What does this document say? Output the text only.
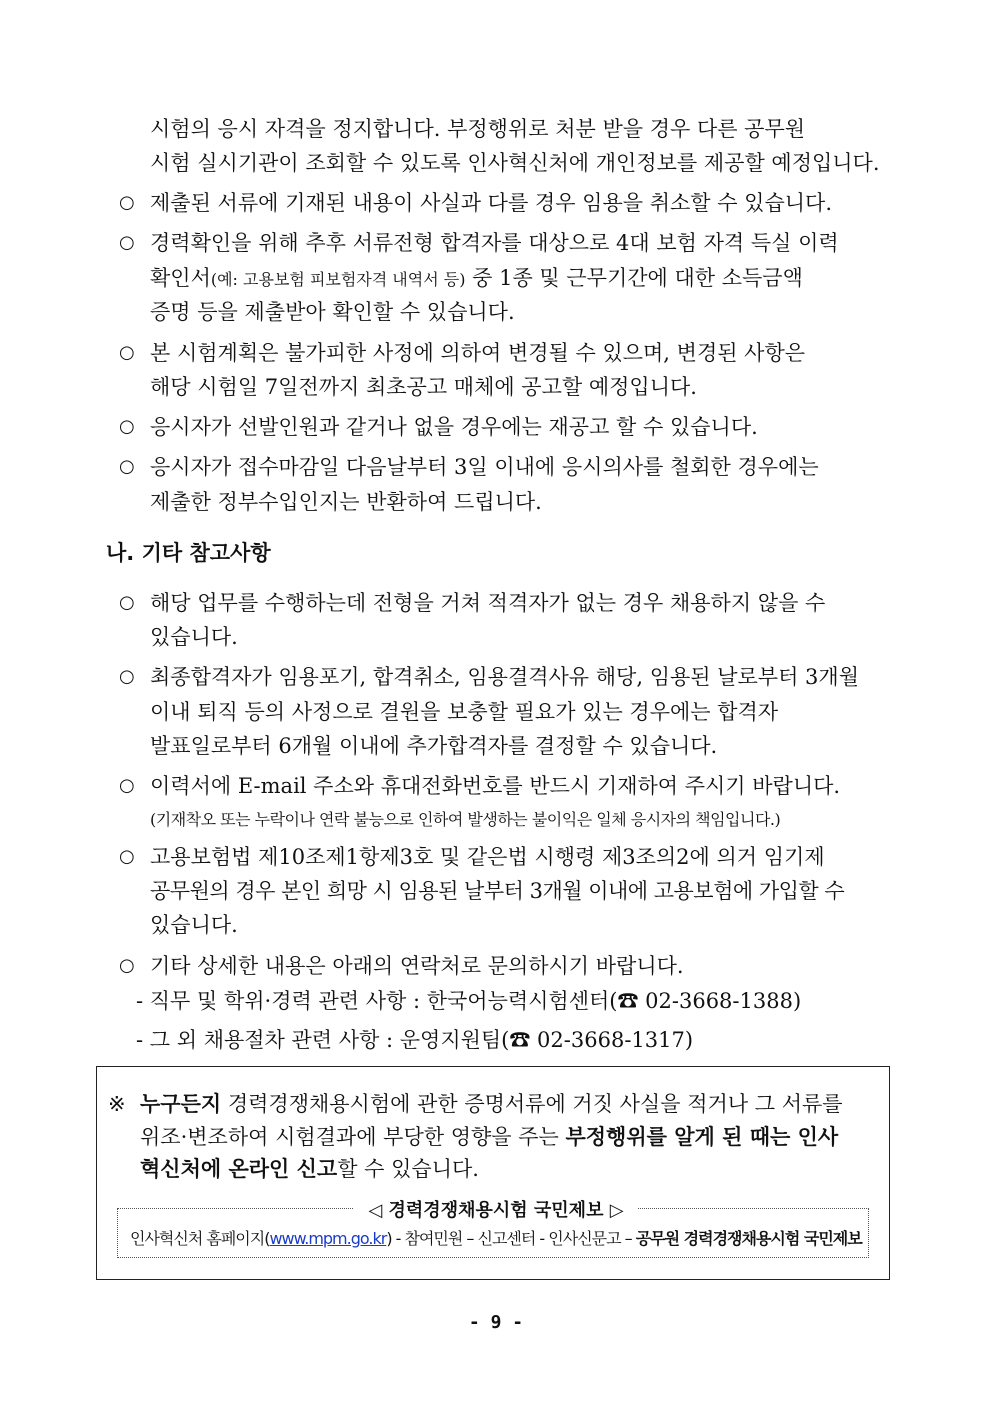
시험의 응시 자격을 정지합니다. 부정행위로 처분 받을 경우 다른 공무원
시험 실시기관이 조회할 수 있도록 인사혁신처에 개인정보를 제공할 예정입니다.
○ 제출된 서류에 기재된 내용이 사실과 다를 경우 임용을 취소할 수 있습니다.
○ 경력확인을 위해 추후 서류전형 합격자를 대상으로 4대 보험 자격 득실 이력
확인서(예: 고용보험 피보험자격 내역서 등) 중 1종 및 근무기간에 대한 소득금액
증명 등을 제출받아 확인할 수 있습니다.
○ 본 시험계획은 불가피한 사정에 의하여 변경될 수 있으며, 변경된 사항은
해당 시험일 7일전까지 최초공고 매체에 공고할 예정입니다.
○ 응시자가 선발인원과 같거나 없을 경우에는 재공고 할 수 있습니다.
○ 응시자가 접수마감일 다음날부터 3일 이내에 응시의사를 철회한 경우에는
제출한 정부수입인지는 반환하여 드립니다.
나. 기타 참고사항
○ 해당 업무를 수행하는데 전형을 거쳐 적격자가 없는 경우 채용하지 않을 수
있습니다.
○ 최종합격자가 임용포기, 합격취소, 임용결격사유 해당, 임용된 날로부터 3개월
이내 퇴직 등의 사정으로 결원을 보충할 필요가 있는 경우에는 합격자
발표일로부터 6개월 이내에 추가합격자를 결정할 수 있습니다.
○ 이력서에 E-mail 주소와 휴대전화번호를 반드시 기재하여 주시기 바랍니다.
(기재착오 또는 누락이나 연락 불능으로 인하여 발생하는 불이익은 일체 응시자의 책임입니다.)
○ 고용보험법 제10조제1항제3호 및 같은법 시행령 제3조의2에 의거 임기제
공무원의 경우 본인 희망 시 임용된 날부터 3개월 이내에 고용보험에 가입할 수
있습니다.
○ 기타 상세한 내용은 아래의 연락처로 문의하시기 바랍니다.
- 직무 및 학위·경력 관련 사항 : 한국어능력시험센터(☎ 02-3668-1388)
- 그 외 채용절차 관련 사항 : 운영지원팀(☎ 02-3668-1317)
※ 누구든지 경력경쟁채용시험에 관한 증명서류에 거짓 사실을 적거나 그 서류를
위조·변조하여 시험결과에 부당한 영향을 주는 부정행위를 알게 된 때는 인사
혁신처에 온라인 신고할 수 있습니다.
◁ 경력경쟁채용시험 국민제보 ▷
인사혁신처 홈페이지(www.mpm.go.kr) - 참여민원 – 신고센터 - 인사신문고 – 공무원 경력경쟁채용시험 국민제보
- 9 -
